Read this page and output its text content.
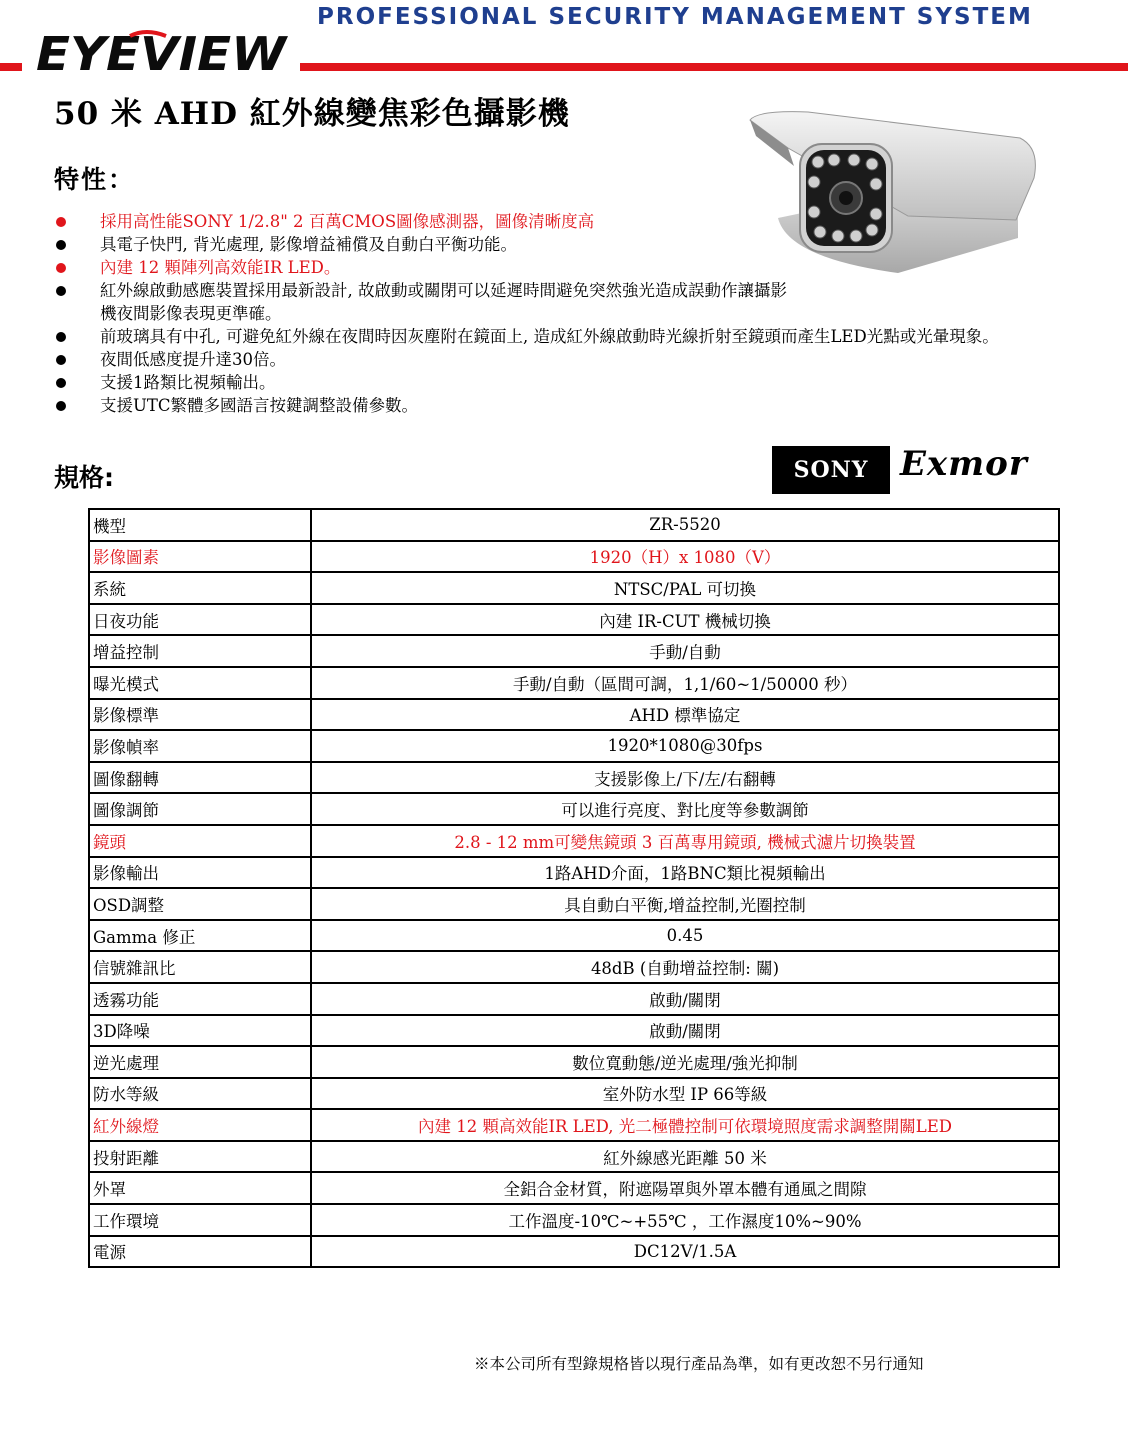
PROFESSIONAL SECURITY MANAGEMENT SYSTEM
EYEVIEW
50 米 AHD 紅外線變焦彩色攝影機
特性：
採用高性能SONY 1/2.8" 2 百萬CMOS圖像感測器，圖像清晰度高
具電子快門, 背光處理, 影像增益補償及自動白平衡功能。
內建 12 顆陣列高效能IR LED。
紅外線啟動感應裝置採用最新設計, 故啟動或關閉可以延遲時間避免突然強光造成誤動作讓攝影機夜間影像表現更準確。
前玻璃具有中孔, 可避免紅外線在夜間時因灰塵附在鏡面上, 造成紅外線啟動時光線折射至鏡頭而產生LED光點或光暈現象。
夜間低感度提升達30倍。
支援1路類比視頻輸出。
支援UTC繁體多國語言按鍵調整設備參數。
規格:	SONY Exmor
機型	ZR-5520
影像圖素	1920（H）x 1080（V）
系統	NTSC/PAL 可切換
日夜功能	內建 IR-CUT 機械切換
增益控制	手動/自動
曝光模式	手動/自動（區間可調，1,1/60~1/50000 秒）
影像標準	AHD 標準協定
影像幀率	1920*1080@30fps
圖像翻轉	支援影像上/下/左/右翻轉
圖像調節	可以進行亮度、對比度等參數調節
鏡頭	2.8 - 12 mm可變焦鏡頭 3 百萬專用鏡頭, 機械式濾片切換裝置
影像輸出	1路AHD介面，1路BNC類比視頻輸出
OSD調整	具自動白平衡,增益控制,光圈控制
Gamma 修正	0.45
信號雜訊比	48dB (自動增益控制: 關)
透霧功能	啟動/關閉
3D降噪	啟動/關閉
逆光處理	數位寬動態/逆光處理/強光抑制
防水等級	室外防水型 IP 66等級
紅外線燈	內建 12 顆高效能IR LED, 光二極體控制可依環境照度需求調整開關LED
投射距離	紅外線感光距離 50 米
外罩	全鋁合金材質，附遮陽罩與外罩本體有通風之間隙
工作環境	工作溫度-10℃~+55℃ ，工作濕度10%~90%
電源	DC12V/1.5A
※本公司所有型錄規格皆以現行產品為準，如有更改恕不另行通知
